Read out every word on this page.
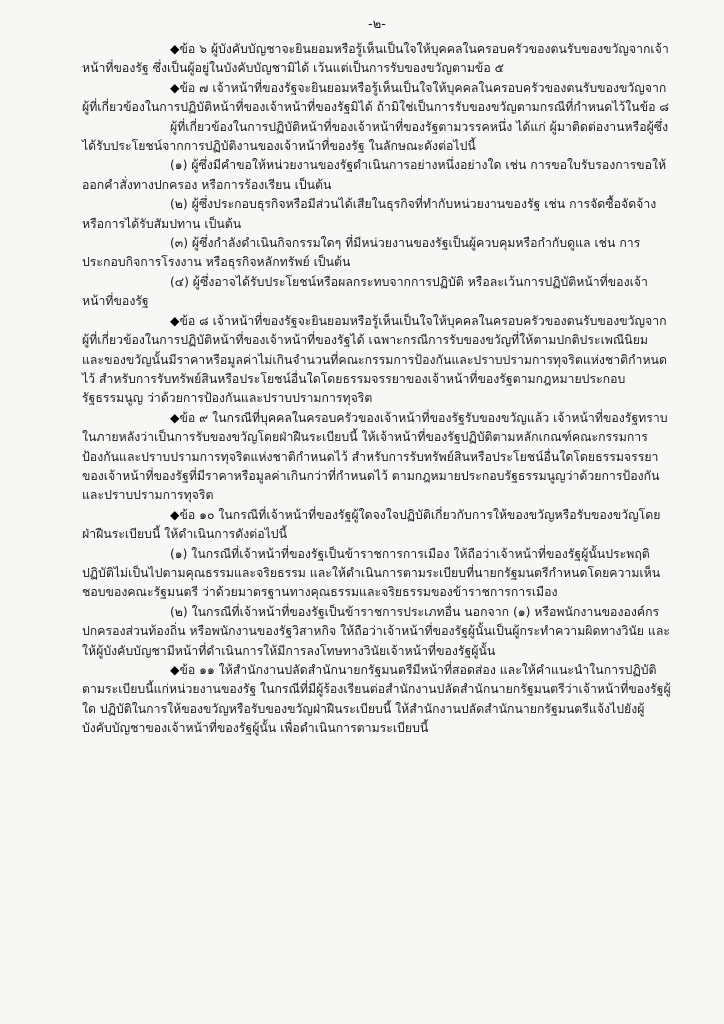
-๒-

◆ข้อ ๖ ผู้บังคับบัญชาจะยินยอมหรือรู้เห็นเป็นใจให้บุคคลในครอบครัวของตนรับของขวัญจากเจ้าหน้าที่ของรัฐ ซึ่งเป็นผู้อยู่ในบังคับบัญชามิได้ เว้นแต่เป็นการรับของขวัญตามข้อ ๕

◆ข้อ ๗ เจ้าหน้าที่ของรัฐจะยินยอมหรือรู้เห็นเป็นใจให้บุคคลในครอบครัวของตนรับของขวัญจากผู้ที่เกี่ยวข้องในการปฏิบัติหน้าที่ของเจ้าหน้าที่ของรัฐมิได้ ถ้ามิใช่เป็นการรับของขวัญตามกรณีที่กำหนดไว้ในข้อ ๘

ผู้ที่เกี่ยวข้องในการปฏิบัติหน้าที่ของเจ้าหน้าที่ของรัฐตามวรรคหนึ่ง ได้แก่ ผู้มาติดต่องานหรือผู้ซึ่งได้รับประโยชน์จากการปฏิบัติงานของเจ้าหน้าที่ของรัฐ ในลักษณะดังต่อไปนี้

(๑) ผู้ซึ่งมีคำขอให้หน่วยงานของรัฐดำเนินการอย่างหนึ่งอย่างใด เช่น การขอใบรับรองการขอให้ออกคำสั่งทางปกครอง หรือการร้องเรียน เป็นต้น

(๒) ผู้ซึ่งประกอบธุรกิจหรือมีส่วนได้เสียในธุรกิจที่ทำกับหน่วยงานของรัฐ เช่น การจัดซื้อจัดจ้างหรือการได้รับสัมปทาน เป็นต้น

(๓) ผู้ซึ่งกำลังดำเนินกิจกรรมใดๆ ที่มีหน่วยงานของรัฐเป็นผู้ควบคุมหรือกำกับดูแล เช่น การประกอบกิจการโรงงาน หรือธุรกิจหลักทรัพย์ เป็นต้น

(๔) ผู้ซึ่งอาจได้รับประโยชน์หรือผลกระทบจากการปฏิบัติ หรือละเว้นการปฏิบัติหน้าที่ของเจ้าหน้าที่ของรัฐ

◆ข้อ ๘ เจ้าหน้าที่ของรัฐจะยินยอมหรือรู้เห็นเป็นใจให้บุคคลในครอบครัวของตนรับของขวัญจากผู้ที่เกี่ยวข้องในการปฏิบัติหน้าที่ของเจ้าหน้าที่ของรัฐได้ เฉพาะกรณีการรับของขวัญที่ให้ตามปกติประเพณีนิยม และของขวัญนั้นมีราคาหรือมูลค่าไม่เกินจำนวนที่คณะกรรมการป้องกันและปราบปรามการทุจริตแห่งชาติกำหนดไว้ สำหรับการรับทรัพย์สินหรือประโยชน์อื่นใดโดยธรรมจรรยาของเจ้าหน้าที่ของรัฐตามกฎหมายประกอบรัฐธรรมนูญ ว่าด้วยการป้องกันและปราบปรามการทุจริต

◆ข้อ ๙ ในกรณีที่บุคคลในครอบครัวของเจ้าหน้าที่ของรัฐรับของขวัญแล้ว เจ้าหน้าที่ของรัฐทราบในภายหลังว่าเป็นการรับของขวัญโดยฝ่าฝืนระเบียบนี้ ให้เจ้าหน้าที่ของรัฐปฏิบัติตามหลักเกณฑ์คณะกรรมการป้องกันและปราบปรามการทุจริตแห่งชาติกำหนดไว้ สำหรับการรับทรัพย์สินหรือประโยชน์อื่นใดโดยธรรมจรรยาของเจ้าหน้าที่ของรัฐที่มีราคาหรือมูลค่าเกินกว่าที่กำหนดไว้ ตามกฎหมายประกอบรัฐธรรมนูญว่าด้วยการป้องกันและปราบปรามการทุจริต

◆ข้อ ๑๐ ในกรณีที่เจ้าหน้าที่ของรัฐผู้ใดจงใจปฏิบัติเกี่ยวกับการให้ของขวัญหรือรับของขวัญโดยฝ่าฝืนระเบียบนี้ ให้ดำเนินการดังต่อไปนี้

(๑) ในกรณีที่เจ้าหน้าที่ของรัฐเป็นข้าราชการการเมือง ให้ถือว่าเจ้าหน้าที่ของรัฐผู้นั้นประพฤติปฏิบัติไม่เป็นไปตามคุณธรรมและจริยธรรม และให้ดำเนินการตามระเบียบที่นายกรัฐมนตรีกำหนดโดยความเห็นชอบของคณะรัฐมนตรี ว่าด้วยมาตรฐานทางคุณธรรมและจริยธรรมของข้าราชการการเมือง

(๒) ในกรณีที่เจ้าหน้าที่ของรัฐเป็นข้าราชการประเภทอื่น นอกจาก (๑) หรือพนักงานขององค์กรปกครองส่วนท้องถิ่น หรือพนักงานของรัฐวิสาหกิจ ให้ถือว่าเจ้าหน้าที่ของรัฐผู้นั้นเป็นผู้กระทำความผิดทางวินัย และให้ผู้บังคับบัญชามีหน้าที่ดำเนินการให้มีการลงโทษทางวินัยเจ้าหน้าที่ของรัฐผู้นั้น

◆ข้อ ๑๑ ให้สำนักงานปลัดสำนักนายกรัฐมนตรีมีหน้าที่สอดส่อง และให้คำแนะนำในการปฏิบัติตามระเบียบนี้แก่หน่วยงานของรัฐ ในกรณีที่มีผู้ร้องเรียนต่อสำนักงานปลัดสำนักนายกรัฐมนตรีว่าเจ้าหน้าที่ของรัฐผู้ใด ปฏิบัติในการให้ของขวัญหรือรับของขวัญฝ่าฝืนระเบียบนี้ ให้สำนักงานปลัดสำนักนายกรัฐมนตรีแจ้งไปยังผู้บังคับบัญชาของเจ้าหน้าที่ของรัฐผู้นั้น เพื่อดำเนินการตามระเบียบนี้
